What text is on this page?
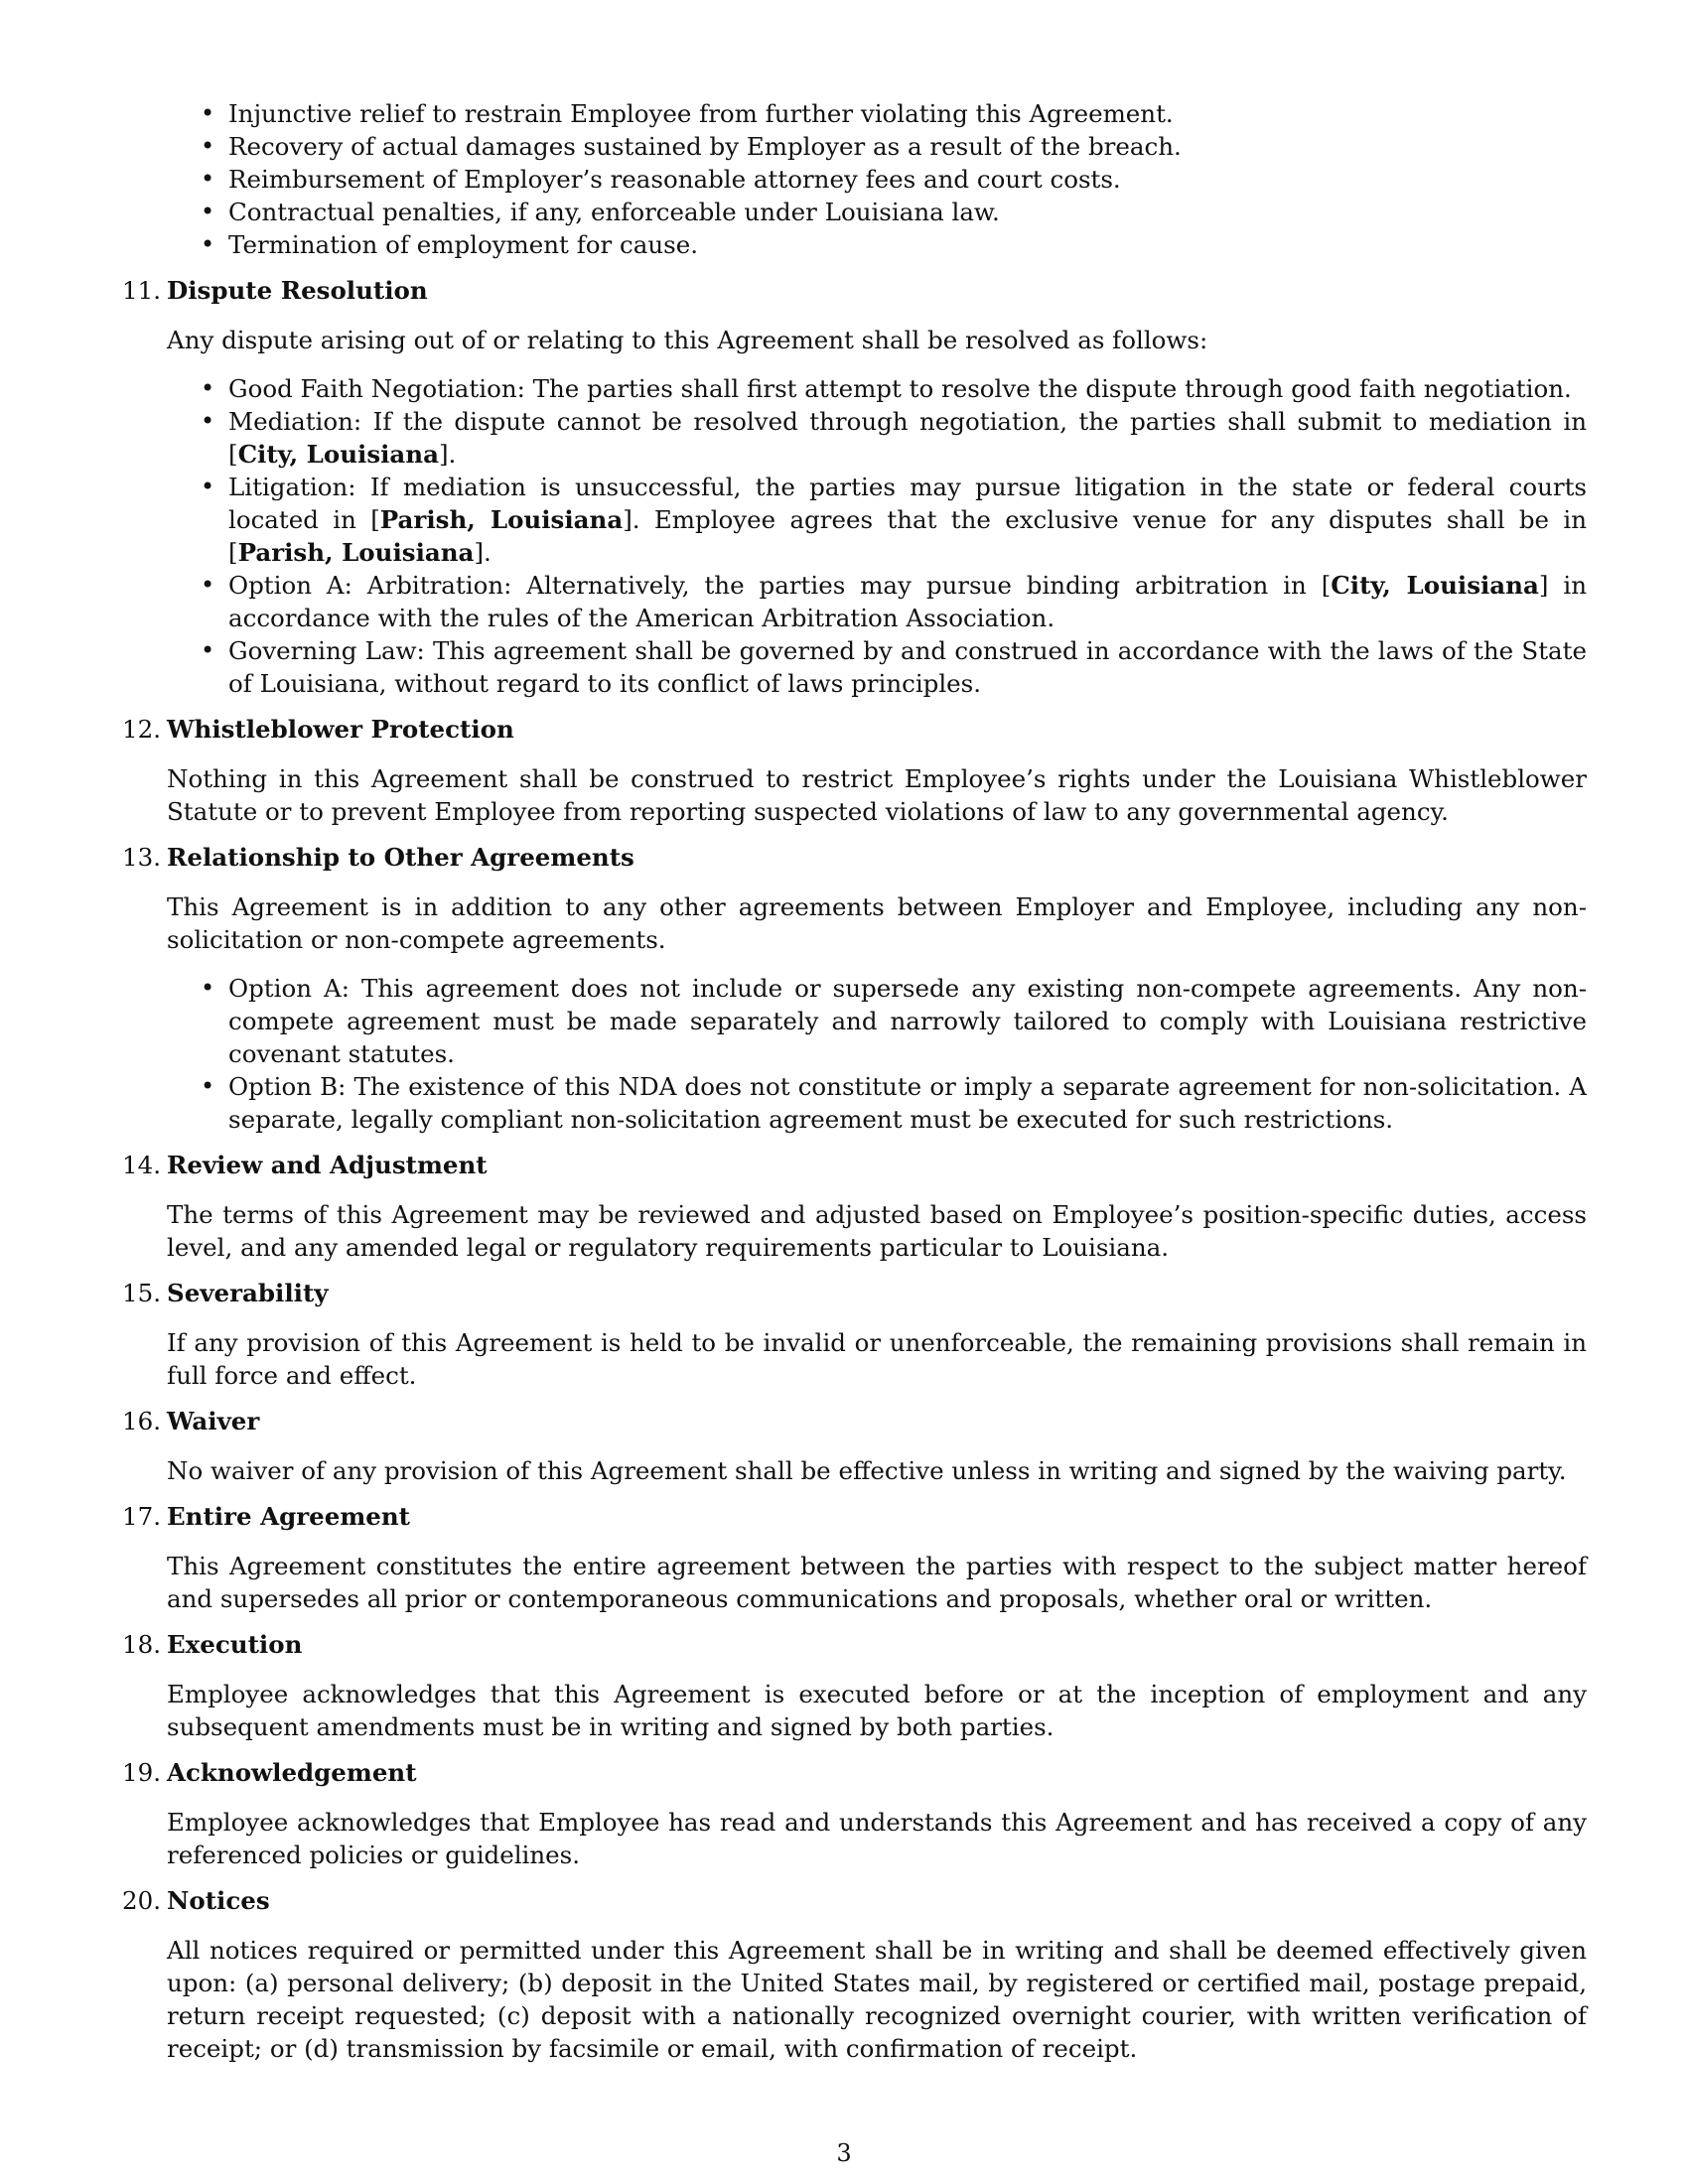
• Injunctive relief to restrain Employee from further violating this Agreement.
• Recovery of actual damages sustained by Employer as a result of the breach.
• Reimbursement of Employer’s reasonable attorney fees and court costs.
• Contractual penalties, if any, enforceable under Louisiana law.
• Termination of employment for cause.
11. Dispute Resolution
Any dispute arising out of or relating to this Agreement shall be resolved as follows:
• Good Faith Negotiation: The parties shall first attempt to resolve the dispute through good faith negotiation.
• Mediation: If the dispute cannot be resolved through negotiation, the parties shall submit to mediation in [City, Louisiana].
• Litigation: If mediation is unsuccessful, the parties may pursue litigation in the state or federal courts located in [Parish, Louisiana]. Employee agrees that the exclusive venue for any disputes shall be in [Parish, Louisiana].
• Option A: Arbitration: Alternatively, the parties may pursue binding arbitration in [City, Louisiana] in accordance with the rules of the American Arbitration Association.
• Governing Law: This agreement shall be governed by and construed in accordance with the laws of the State of Louisiana, without regard to its conflict of laws principles.
12. Whistleblower Protection
Nothing in this Agreement shall be construed to restrict Employee’s rights under the Louisiana Whistleblower Statute or to prevent Employee from reporting suspected violations of law to any governmental agency.
13. Relationship to Other Agreements
This Agreement is in addition to any other agreements between Employer and Employee, including any non-solicitation or non-compete agreements.
• Option A: This agreement does not include or supersede any existing non-compete agreements. Any non-compete agreement must be made separately and narrowly tailored to comply with Louisiana restrictive covenant statutes.
• Option B: The existence of this NDA does not constitute or imply a separate agreement for non-solicitation. A separate, legally compliant non-solicitation agreement must be executed for such restrictions.
14. Review and Adjustment
The terms of this Agreement may be reviewed and adjusted based on Employee’s position-specific duties, access level, and any amended legal or regulatory requirements particular to Louisiana.
15. Severability
If any provision of this Agreement is held to be invalid or unenforceable, the remaining provisions shall remain in full force and effect.
16. Waiver
No waiver of any provision of this Agreement shall be effective unless in writing and signed by the waiving party.
17. Entire Agreement
This Agreement constitutes the entire agreement between the parties with respect to the subject matter hereof and supersedes all prior or contemporaneous communications and proposals, whether oral or written.
18. Execution
Employee acknowledges that this Agreement is executed before or at the inception of employment and any subsequent amendments must be in writing and signed by both parties.
19. Acknowledgement
Employee acknowledges that Employee has read and understands this Agreement and has received a copy of any referenced policies or guidelines.
20. Notices
All notices required or permitted under this Agreement shall be in writing and shall be deemed effectively given upon: (a) personal delivery; (b) deposit in the United States mail, by registered or certified mail, postage prepaid, return receipt requested; (c) deposit with a nationally recognized overnight courier, with written verification of receipt; or (d) transmission by facsimile or email, with confirmation of receipt.
3
